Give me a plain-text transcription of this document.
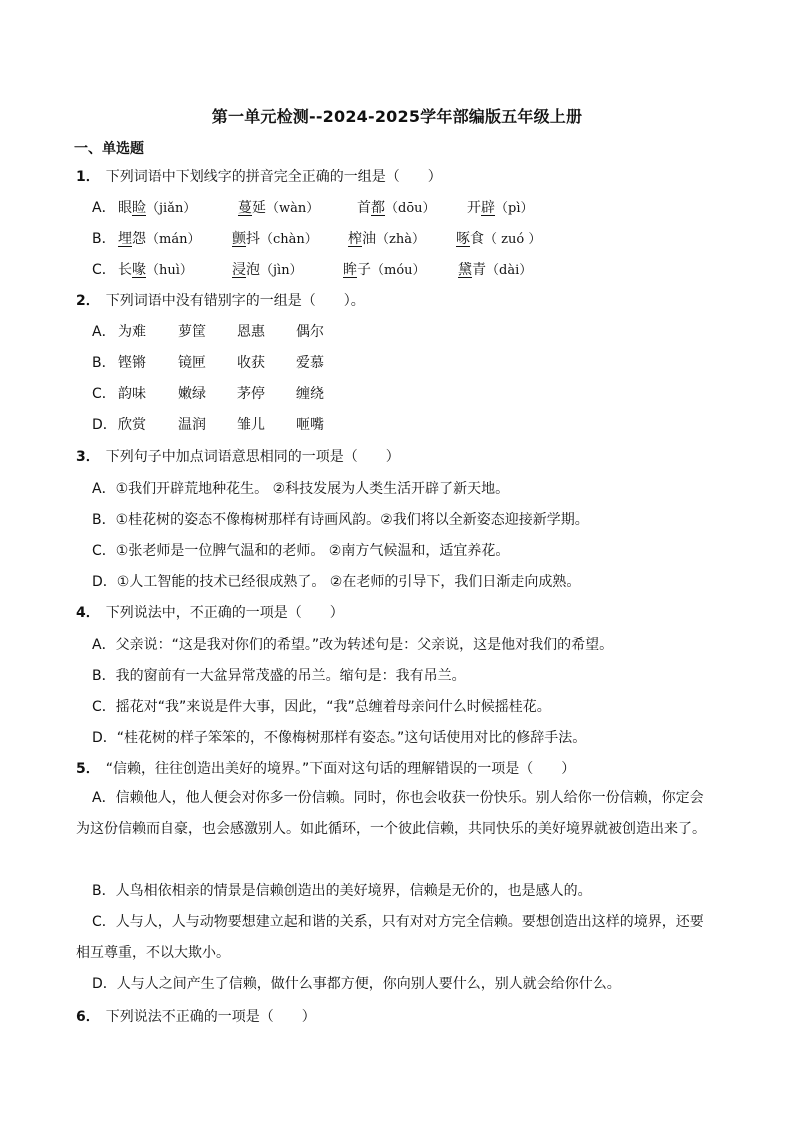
第一单元检测--2024-2025学年部编版五年级上册
一、单选题
1． 下列词语中下划线字的拼音完全正确的一组是（　　）
A． 眼睑（jiǎn）	蔓延（wàn）	首都（dōu） 开辟（pì）
B． 埋怨（mán） 颤抖（chàn） 榨油（zhà） 啄食（ zuó ）
C． 长喙（huì）	浸泡（jìn）	眸子（móu） 黛青（dài）
2． 下列词语中没有错别字的一组是（　　）。
A． 为难 萝筐 恩惠 偶尔
B． 铿锵 镜匣 收获 爱慕
C． 韵味 嫩绿 茅停 缠绕
D． 欣赏 温润 雏儿 咂嘴
3． 下列句子中加点词语意思相同的一项是（　　）
A．①我们开辟荒地种花生。 ②科技发展为人类生活开辟了新天地。
B．①桂花树的姿态不像梅树那样有诗画风韵。②我们将以全新姿态迎接新学期。
C．①张老师是一位脾气温和的老师。 ②南方气候温和，适宜养花。
D．①人工智能的技术已经很成熟了。 ②在老师的引导下，我们日渐走向成熟。
4． 下列说法中，不正确的一项是（　　）
A．父亲说：“这是我对你们的希望。”改为转述句是：父亲说，这是他对我们的希望。
B．我的窗前有一大盆异常茂盛的吊兰。缩句是：我有吊兰。
C．摇花对“我”来说是件大事，因此，“我”总缠着母亲问什么时候摇桂花。
D．“桂花树的样子笨笨的，不像梅树那样有姿态。”这句话使用对比的修辞手法。
5． “信赖，往往创造出美好的境界。”下面对这句话的理解错误的一项是（　　）
A．信赖他人，他人便会对你多一份信赖。同时，你也会收获一份快乐。别人给你一份信赖，你定会为这份信赖而自豪，也会感激别人。如此循环，一个彼此信赖，共同快乐的美好境界就被创造出来了。
B．人鸟相依相亲的情景是信赖创造出的美好境界，信赖是无价的，也是感人的。
C．人与人，人与动物要想建立起和谐的关系，只有对对方完全信赖。要想创造出这样的境界，还要相互尊重，不以大欺小。
D．人与人之间产生了信赖，做什么事都方便，你向别人要什么，别人就会给你什么。
6． 下列说法不正确的一项是（　　）
